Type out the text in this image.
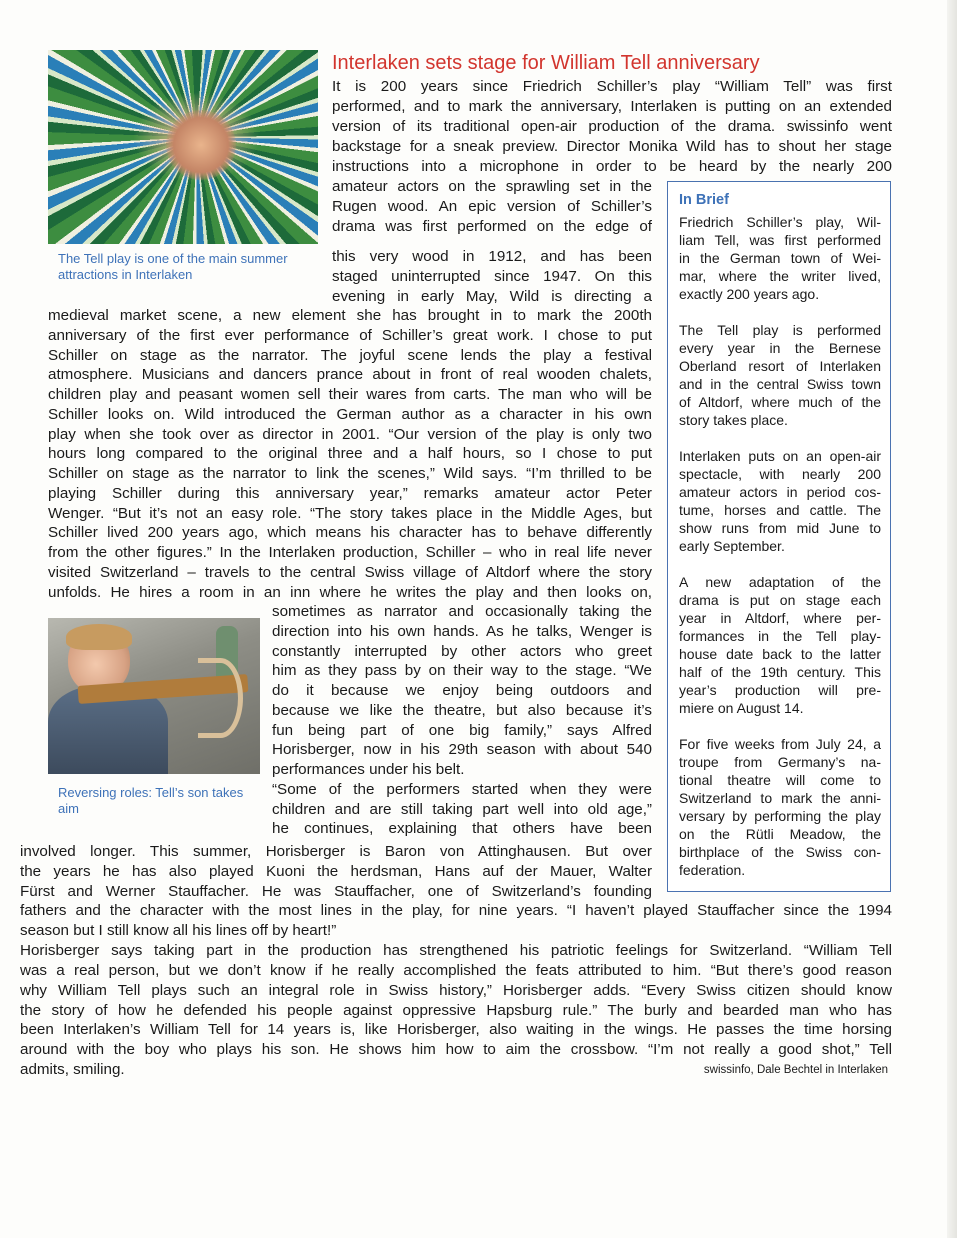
The Tell play is one of the main summer attractions in Interlaken
Reversing roles: Tell’s son takes aim
Interlaken sets stage for William Tell anniversary
It is 200 years since Friedrich Schiller’s play “William Tell” was first
performed, and to mark the anniversary, Interlaken is putting on an extended
version of its traditional open-air production of the drama. swissinfo went
backstage for a sneak preview. Director Monika Wild has to shout her stage
instructions into a microphone in order to be heard by the nearly 200
amateur actors on the sprawling set in the
Rugen wood. An epic version of Schiller’s
drama was first performed on the edge of
this very wood in 1912, and has been
staged uninterrupted since 1947. On this
evening in early May, Wild is directing a
medieval market scene, a new element she has brought in to mark the 200th
anniversary of the first ever performance of Schiller’s great work. I chose to put
Schiller on stage as the narrator. The joyful scene lends the play a festival
atmosphere. Musicians and dancers prance about in front of real wooden chalets,
children play and peasant women sell their wares from carts. The man who will be
Schiller looks on. Wild introduced the German author as a character in his own
play when she took over as director in 2001. “Our version of the play is only two
hours long compared to the original three and a half hours, so I chose to put
Schiller on stage as the narrator to link the scenes,” Wild says. “I’m thrilled to be
playing Schiller during this anniversary year,” remarks amateur actor Peter
Wenger. “But it’s not an easy role. “The story takes place in the Middle Ages, but
Schiller lived 200 years ago, which means his character has to behave differently
from the other figures.” In the Interlaken production, Schiller – who in real life never
visited Switzerland – travels to the central Swiss village of Altdorf where the story
unfolds. He hires a room in an inn where he writes the play and then looks on,
sometimes as narrator and occasionally taking the
direction into his own hands. As he talks, Wenger is
constantly interrupted by other actors who greet
him as they pass by on their way to the stage. “We
do it because we enjoy being outdoors and
because we like the theatre, but also because it’s
fun being part of one big family,” says Alfred
Horisberger, now in his 29th season with about 540
performances under his belt.
“Some of the performers started when they were
children and are still taking part well into old age,”
he continues, explaining that others have been
involved longer. This summer, Horisberger is Baron von Attinghausen. But over
the years he has also played Kuoni the herdsman, Hans auf der Mauer, Walter
Fürst and Werner Stauffacher. He was Stauffacher, one of Switzerland’s founding
fathers and the character with the most lines in the play, for nine years. “I haven’t played Stauffacher since the 1994
season but I still know all his lines off by heart!”
Horisberger says taking part in the production has strengthened his patriotic feelings for Switzerland. “William Tell
was a real person, but we don’t know if he really accomplished the feats attributed to him. “But there’s good reason
why William Tell plays such an integral role in Swiss history,” Horisberger adds. “Every Swiss citizen should know
the story of how he defended his people against oppressive Hapsburg rule.” The burly and bearded man who has
been Interlaken’s William Tell for 14 years is, like Horisberger, also waiting in the wings. He passes the time horsing
around with the boy who plays his son. He shows him how to aim the crossbow. “I’m not really a good shot,” Tell
admits, smiling.
In Brief
Friedrich Schiller’s play, Wil-
liam Tell, was first performed
in the German town of Wei-
mar, where the writer lived,
exactly 200 years ago.
The Tell play is performed
every year in the Bernese
Oberland resort of Interlaken
and in the central Swiss town
of Altdorf, where much of the
story takes place.
Interlaken puts on an open-air
spectacle, with nearly 200
amateur actors in period cos-
tume, horses and cattle. The
show runs from mid June to
early September.
A new adaptation of the
drama is put on stage each
year in Altdorf, where per-
formances in the Tell play-
house date back to the latter
half of the 19th century. This
year’s production will pre-
miere on August 14.
For five weeks from July 24, a
troupe from Germany’s na-
tional theatre will come to
Switzerland to mark the anni-
versary by performing the play
on the Rütli Meadow, the
birthplace of the Swiss con-
federation.
swissinfo, Dale Bechtel in Interlaken
